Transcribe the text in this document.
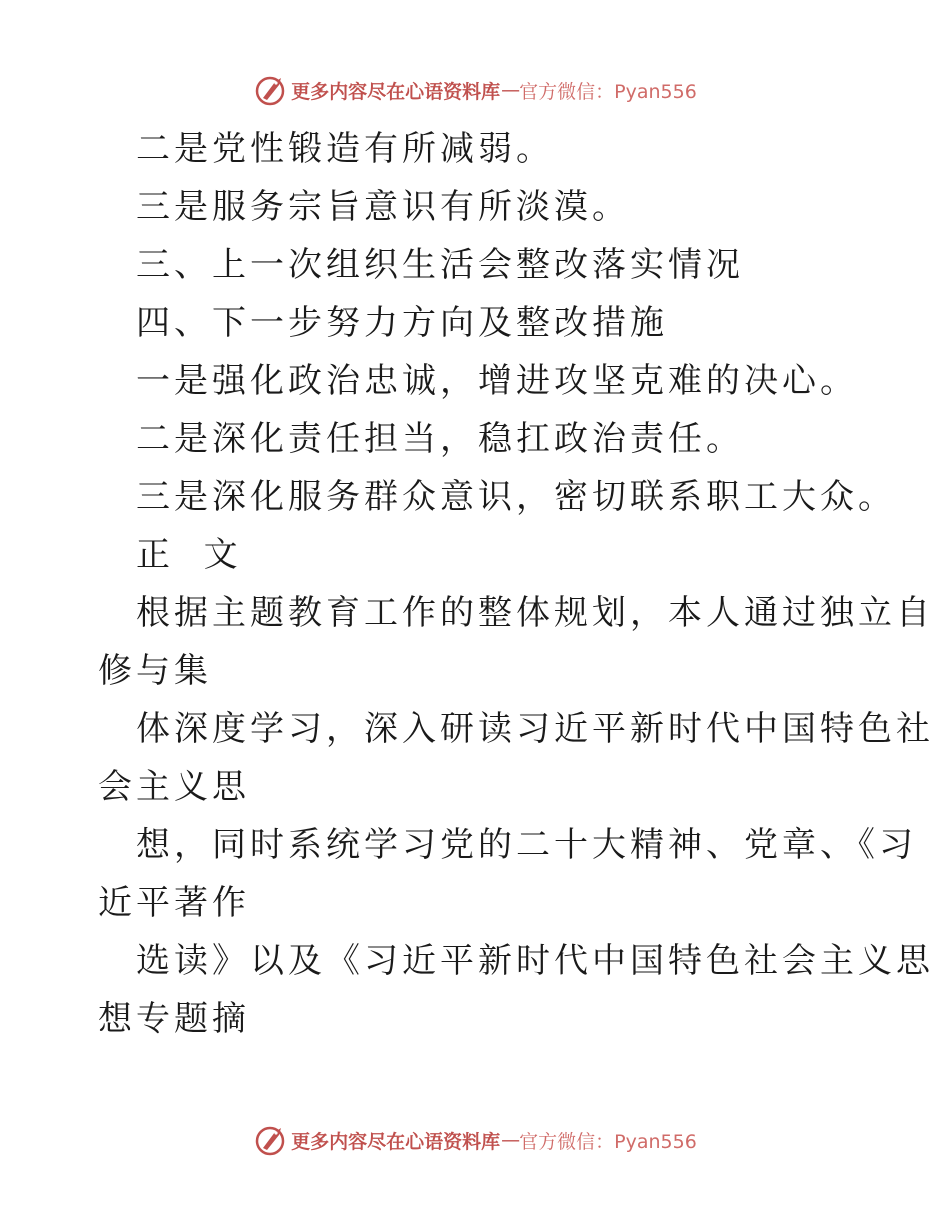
更多内容尽在心语资料库 — 官方微信：Pyan556
二是党性锻造有所减弱。
三是服务宗旨意识有所淡漠。
三、上一次组织生活会整改落实情况
四、下一步努力方向及整改措施
一是强化政治忠诚，增进攻坚克难的决心。
二是深化责任担当，稳扛政治责任。
三是深化服务群众意识，密切联系职工大众。
正  文
根据主题教育工作的整体规划，本人通过独立自
修与集
体深度学习，深入研读习近平新时代中国特色社
会主义思
想，同时系统学习党的二十大精神、党章、《习
近平著作
选读》以及《习近平新时代中国特色社会主义思
想专题摘
更多内容尽在心语资料库 — 官方微信：Pyan556
